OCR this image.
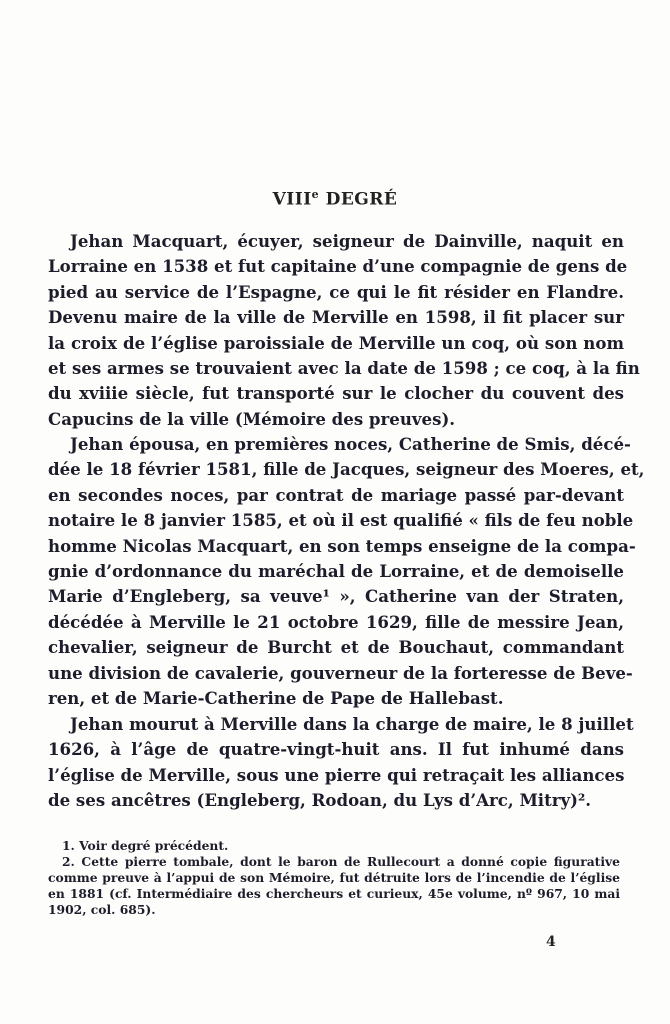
VIIIe DEGRÉ
Jehan Macquart, écuyer, seigneur de Dainville, naquit en
Lorraine en 1538 et fut capitaine d’une compagnie de gens de
pied au service de l’Espagne, ce qui le fit résider en Flandre.
Devenu maire de la ville de Merville en 1598, il fit placer sur
la croix de l’église paroissiale de Merville un coq, où son nom
et ses armes se trouvaient avec la date de 1598 ; ce coq, à la fin
du xviiie siècle, fut transporté sur le clocher du couvent des
Capucins de la ville (Mémoire des preuves).
Jehan épousa, en premières noces, Catherine de Smis, décé-
dée le 18 février 1581, fille de Jacques, seigneur des Moeres, et,
en secondes noces, par contrat de mariage passé par-devant
notaire le 8 janvier 1585, et où il est qualifié « fils de feu noble
homme Nicolas Macquart, en son temps enseigne de la compa-
gnie d’ordonnance du maréchal de Lorraine, et de demoiselle
Marie d’Engleberg, sa veuve¹ », Catherine van der Straten,
décédée à Merville le 21 octobre 1629, fille de messire Jean,
chevalier, seigneur de Burcht et de Bouchaut, commandant
une division de cavalerie, gouverneur de la forteresse de Beve-
ren, et de Marie-Catherine de Pape de Hallebast.
Jehan mourut à Merville dans la charge de maire, le 8 juillet
1626, à l’âge de quatre-vingt-huit ans. Il fut inhumé dans
l’église de Merville, sous une pierre qui retraçait les alliances
de ses ancêtres (Engleberg, Rodoan, du Lys d’Arc, Mitry)².
1. Voir degré précédent.
2. Cette pierre tombale, dont le baron de Rullecourt a donné copie figurative
comme preuve à l’appui de son Mémoire, fut détruite lors de l’incendie de l’église
en 1881 (cf. Intermédiaire des chercheurs et curieux, 45e volume, nº 967, 10 mai
1902, col. 685).
4
